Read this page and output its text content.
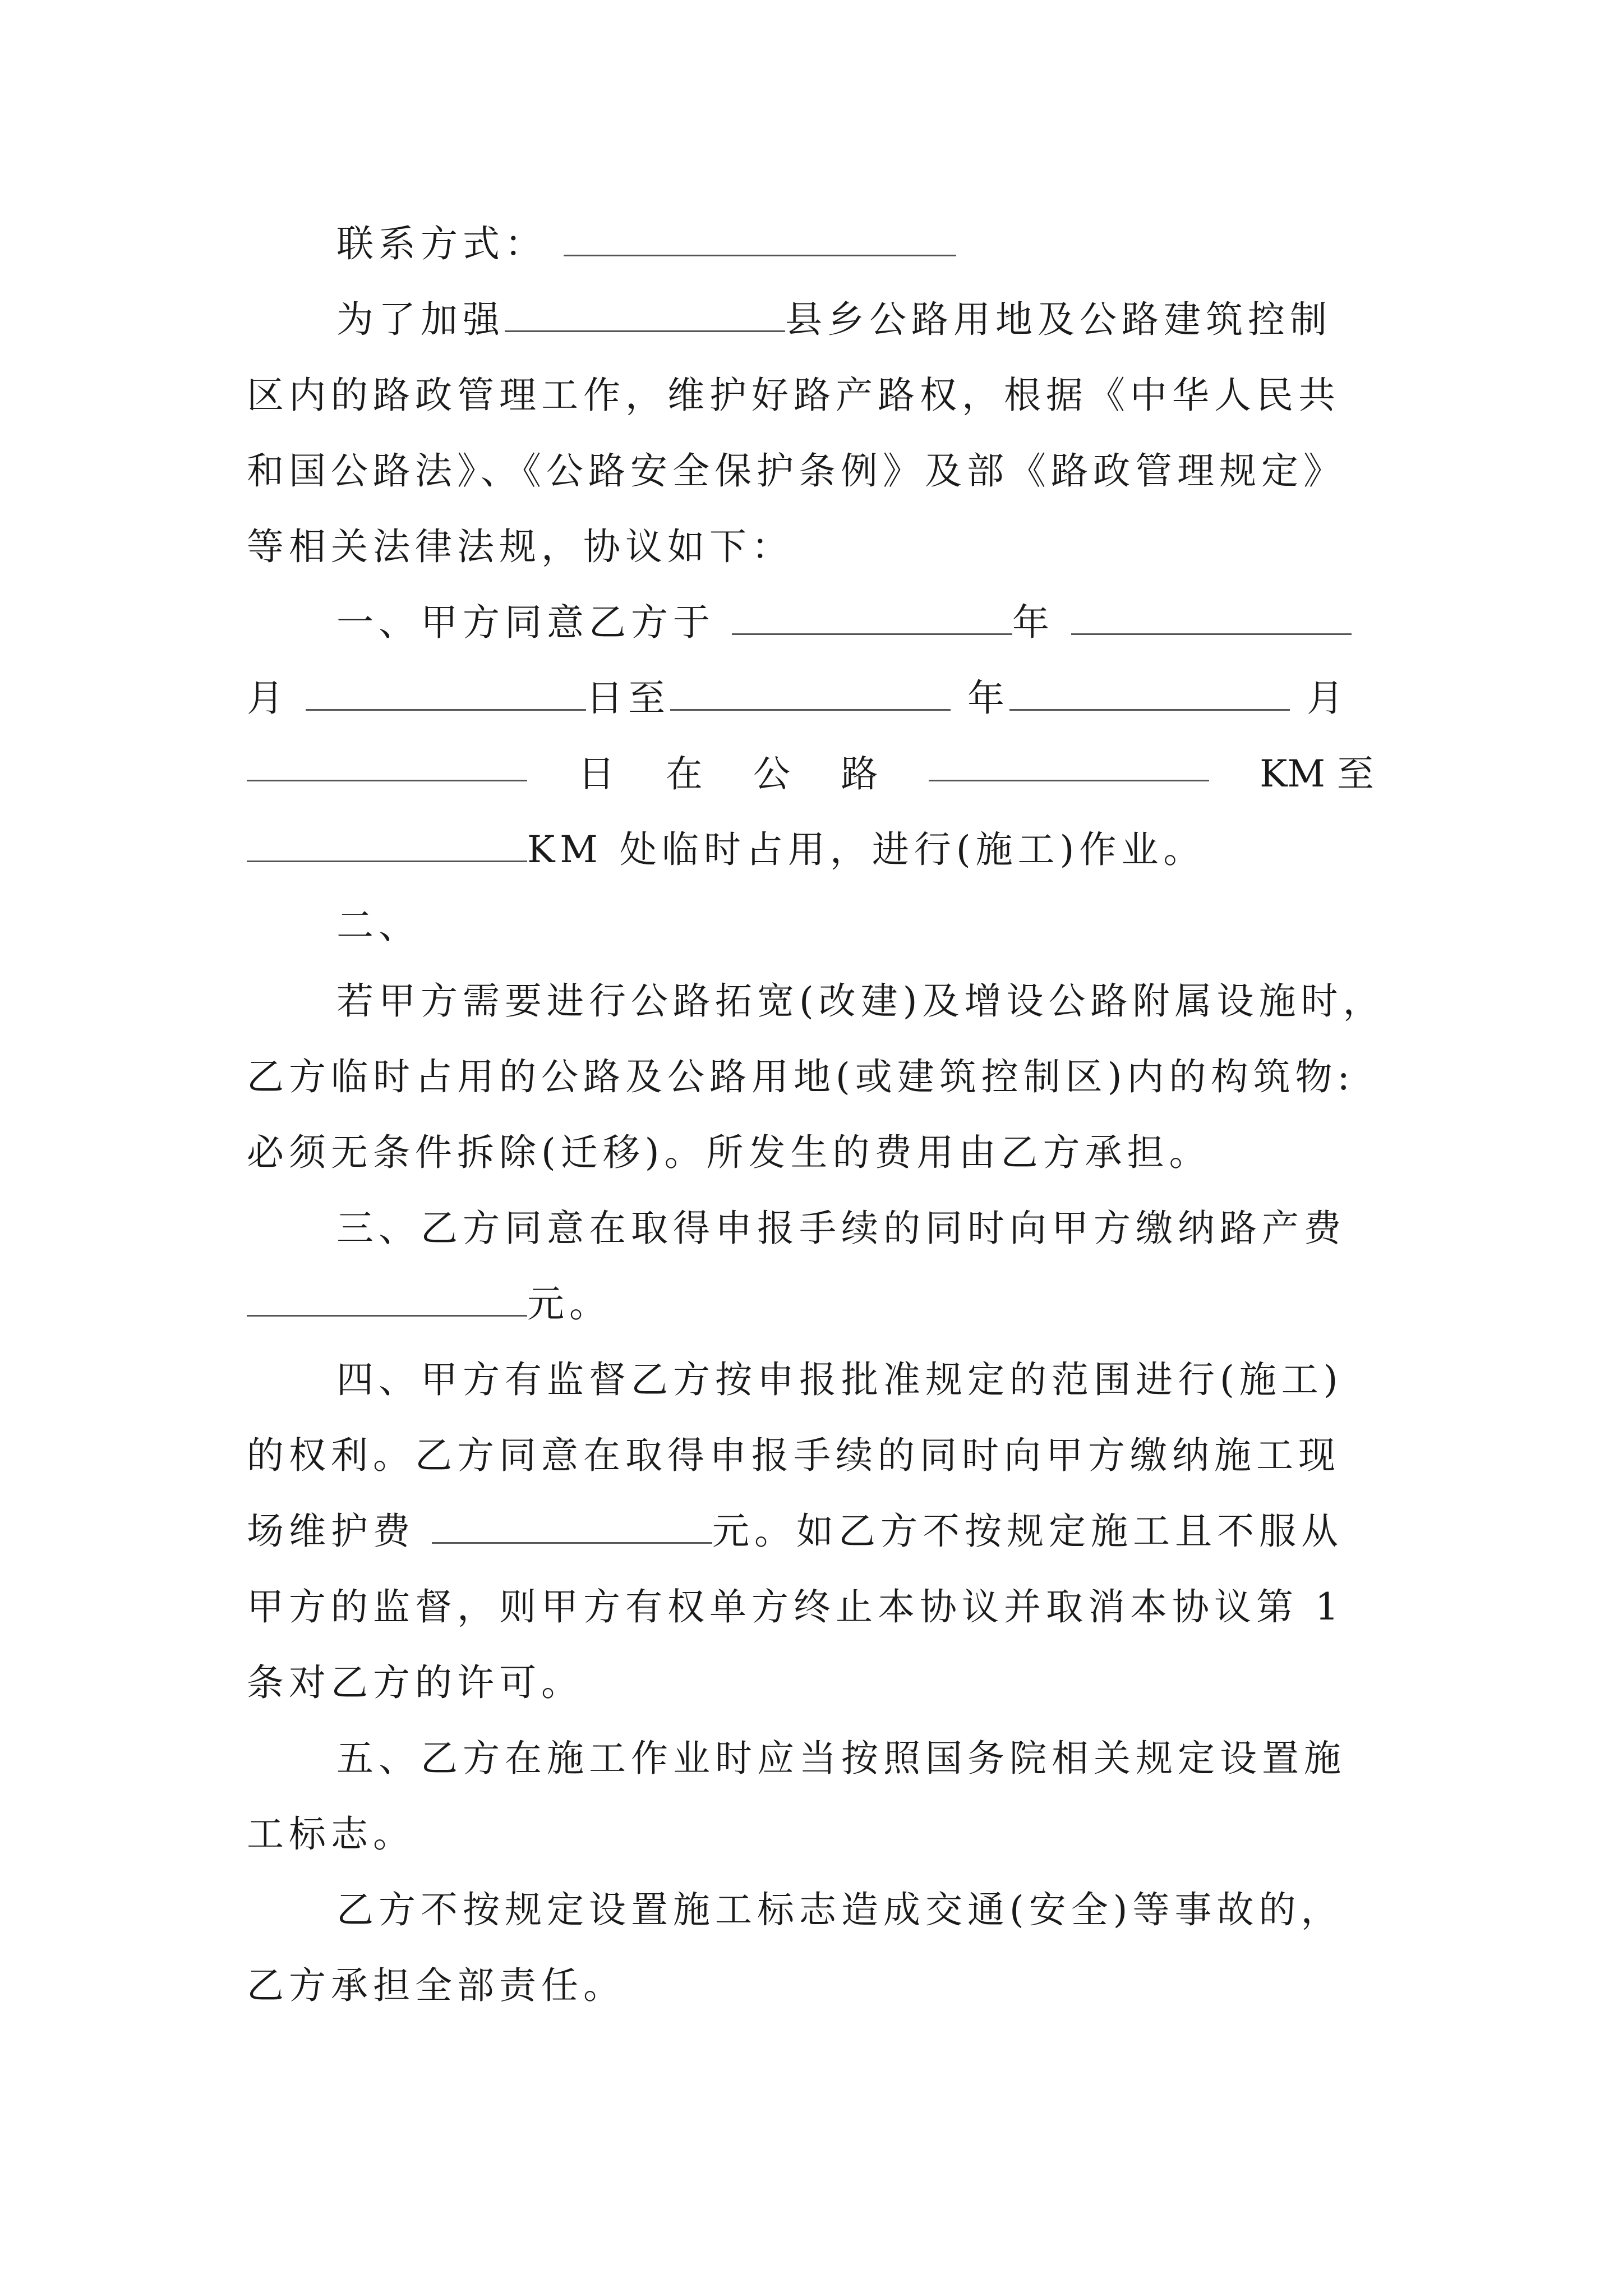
联系方式：
为了加强	县乡公路用地及公路建筑控制
区内的路政管理工作，维护好路产路权，根据《中华人民共
和国公路法》、《公路安全保护条例》及部《路政管理规定》
等相关法律法规，协议如下：
一、甲方同意乙方于	年
月	日至	年	月
日 在 公 路	KM 至
KM 处临时占用，进行(施工)作业。
二、
若甲方需要进行公路拓宽(改建)及增设公路附属设施时，
乙方临时占用的公路及公路用地(或建筑控制区)内的构筑物:
必须无条件拆除(迁移)。所发生的费用由乙方承担。
三、乙方同意在取得申报手续的同时向甲方缴纳路产费
元。
四、甲方有监督乙方按申报批准规定的范围进行(施工)
的权利。乙方同意在取得申报手续的同时向甲方缴纳施工现
场维护费	元。如乙方不按规定施工且不服从
甲方的监督，则甲方有权单方终止本协议并取消本协议第 1
条对乙方的许可。
五、乙方在施工作业时应当按照国务院相关规定设置施
工标志。
乙方不按规定设置施工标志造成交通(安全)等事故的，
乙方承担全部责任。
